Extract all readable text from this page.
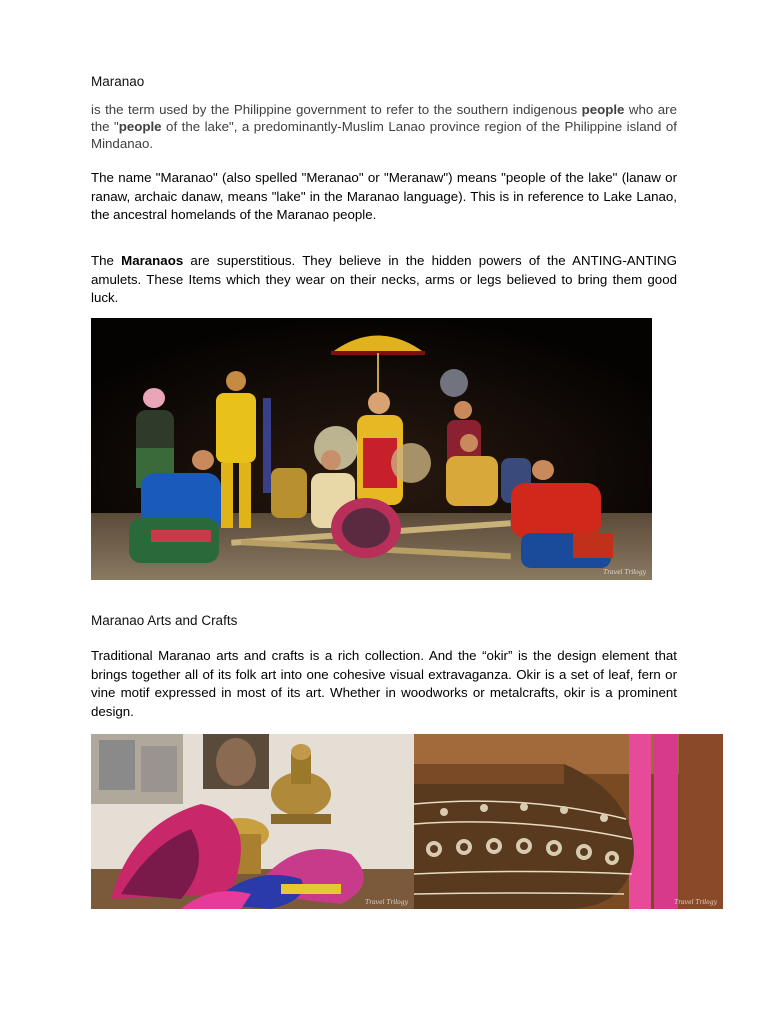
Maranao

is the term used by the Philippine government to refer to the southern indigenous people who are the "people of the lake", a predominantly-Muslim Lanao province region of the Philippine island of Mindanao.

The name "Maranao" (also spelled "Meranao" or "Meranaw") means "people of the lake" (lanaw or ranaw, archaic danaw, means "lake" in the Maranao language). This is in reference to Lake Lanao, the ancestral homelands of the Maranao people.

The Maranaos are superstitious. They believe in the hidden powers of the ANTING-ANTING amulets. These Items which they wear on their necks, arms or legs believed to bring them good luck.

Travel Trilogy
Maranao Arts and Crafts

Traditional Maranao arts and crafts is a rich collection. And the “okir” is the design element that brings together all of its folk art into one cohesive visual extravaganza. Okir is a set of leaf, fern or vine motif expressed in most of its art. Whether in woodworks or metalcrafts, okir is a prominent design.

Travel Trilogy	Travel Trilogy
